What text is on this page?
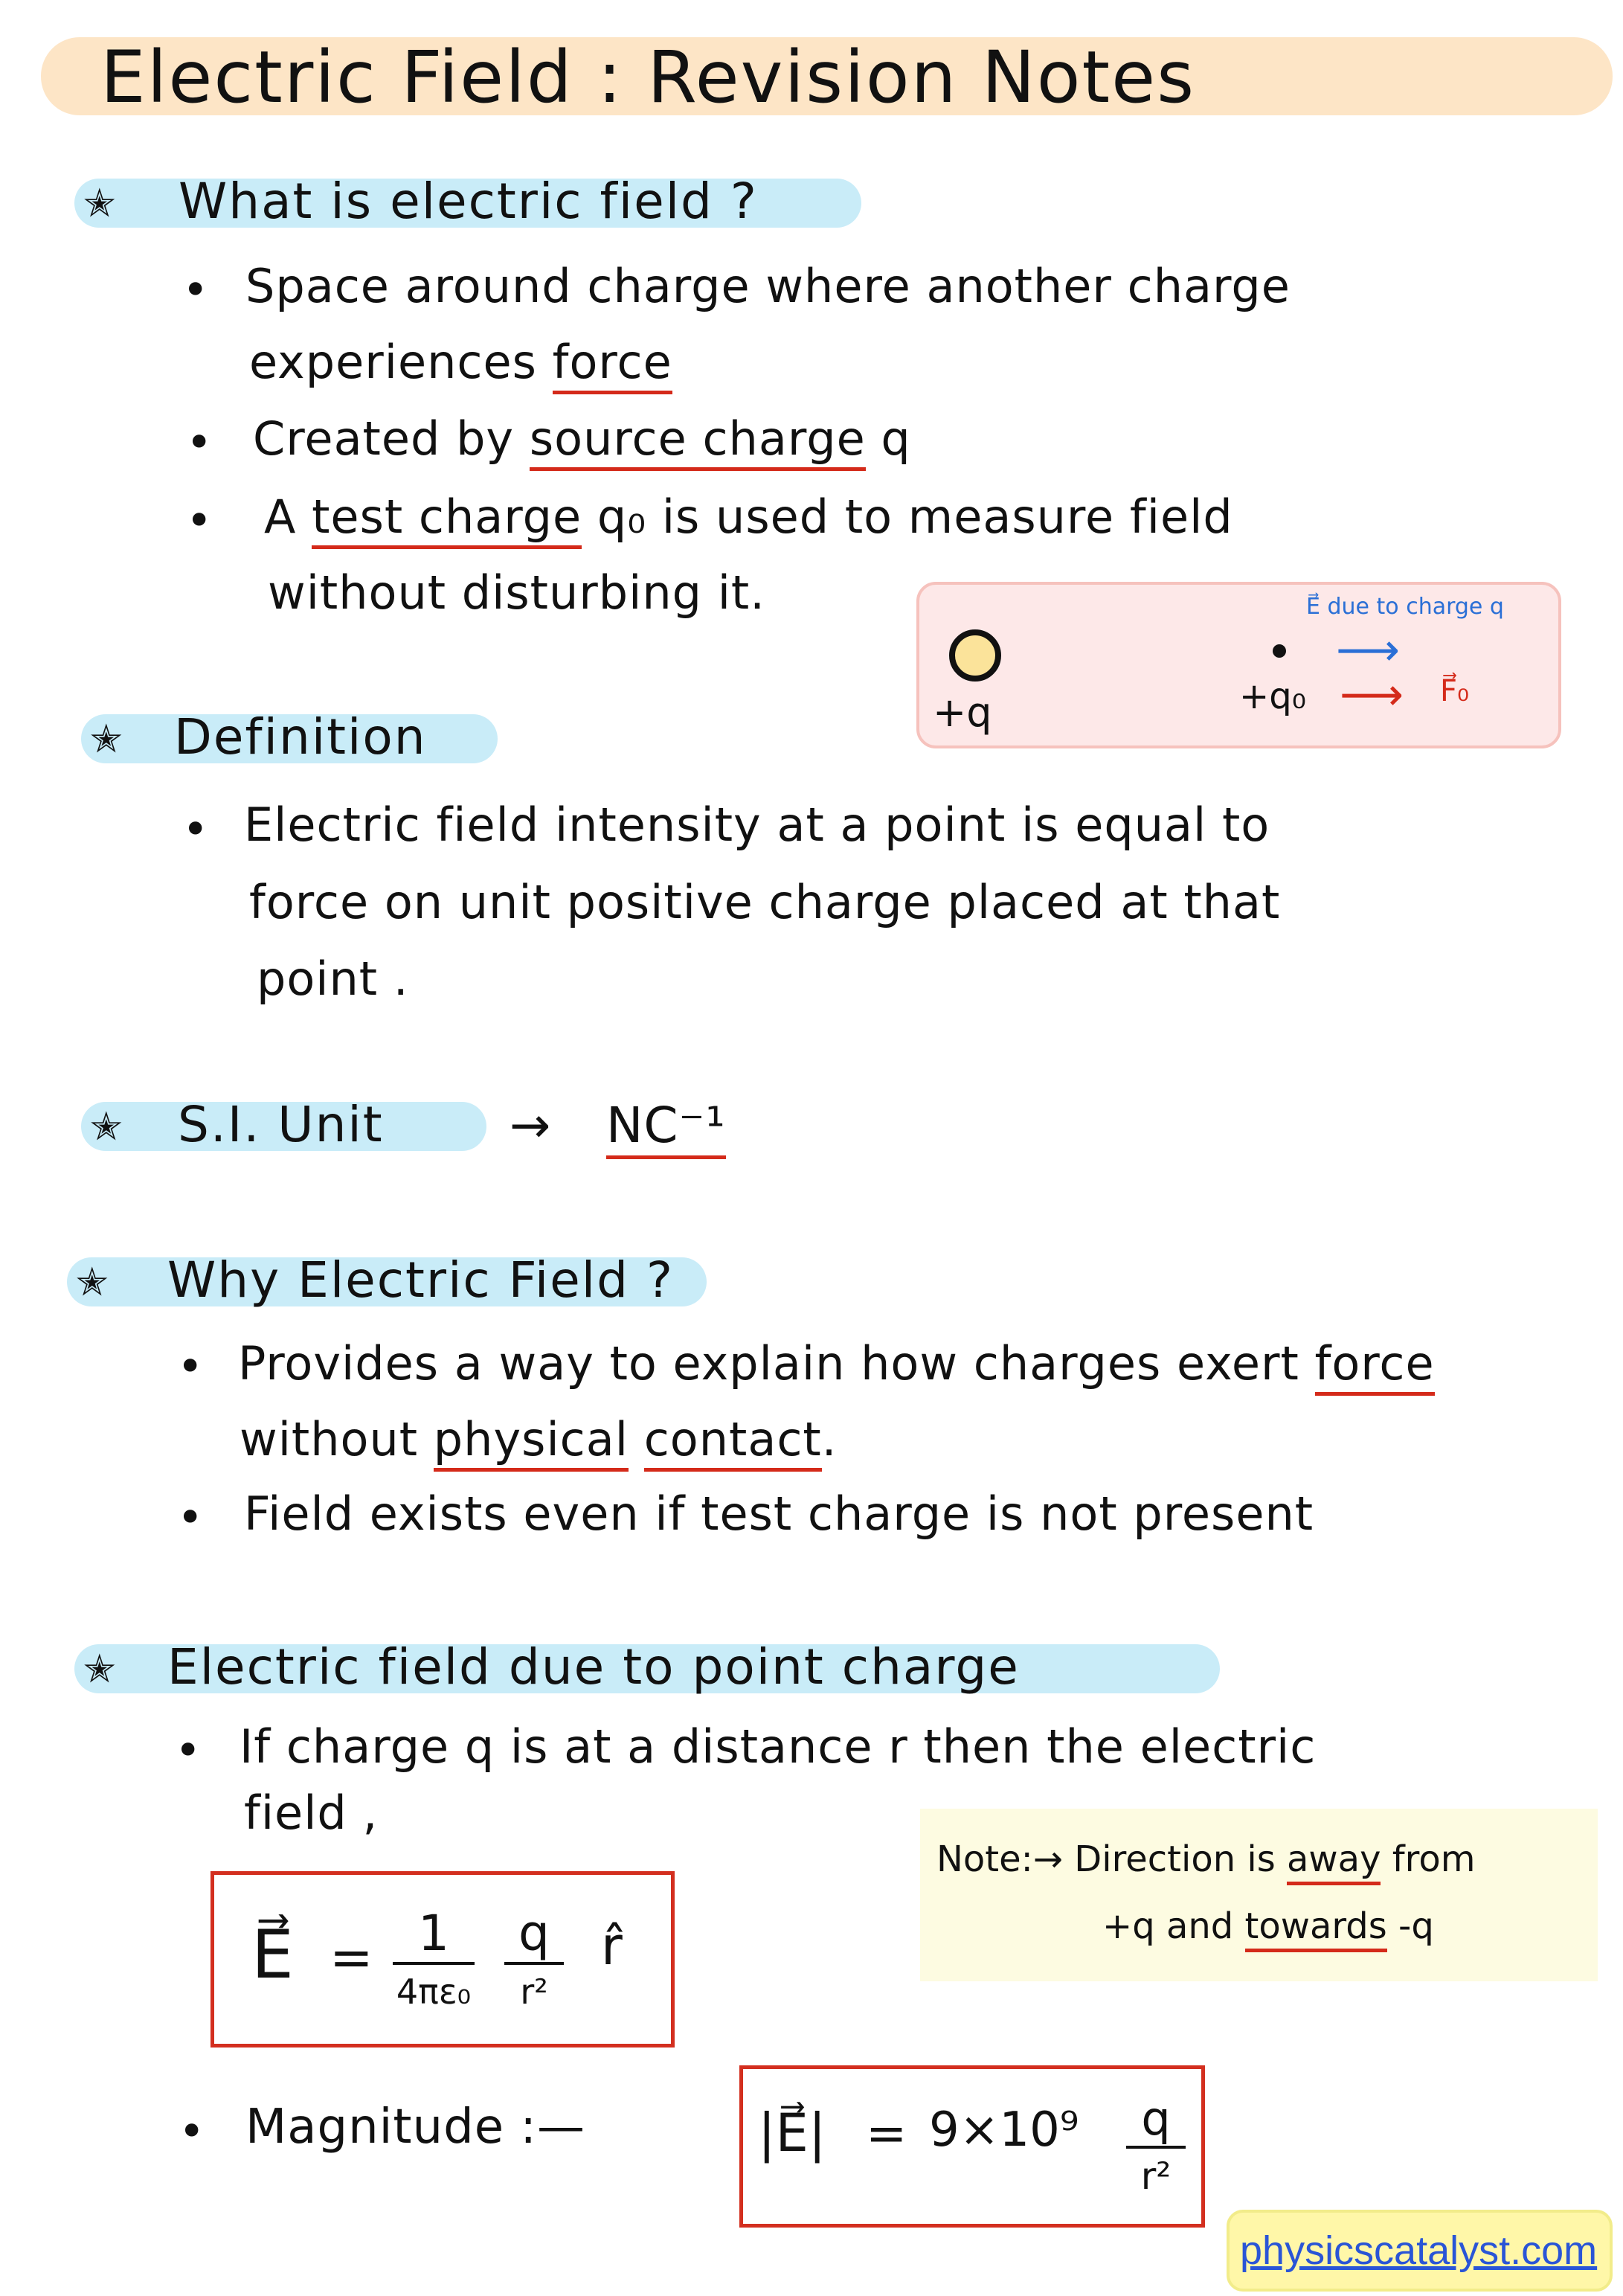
Electric Field : Revision Notes
✭ What is electric field ?
• Space around charge where another charge
experiences force
• Created by source charge q
• A test charge q₀ is used to measure field
without disturbing it.
+q	+q₀
E⃗ due to charge q
⟶
⟶ F⃗₀
✭ Definition
• Electric field intensity at a point is equal to
force on unit positive charge placed at that
point .
✭ S.I. Unit	→ NC⁻¹
✭ Why Electric Field ?
• Provides a way to explain how charges exert force
without physical contact.
• Field exists even if test charge is not present
✭ Electric field due to point charge
• If charge q is at a distance r then the electric
field ,
E⃗ = 1
4πε₀
q
r²
r̂
Note:→ Direction is away from
+q and towards -q
• Magnitude :—	|E⃗| = 9×10⁹	q
r²
physicscatalyst.com
